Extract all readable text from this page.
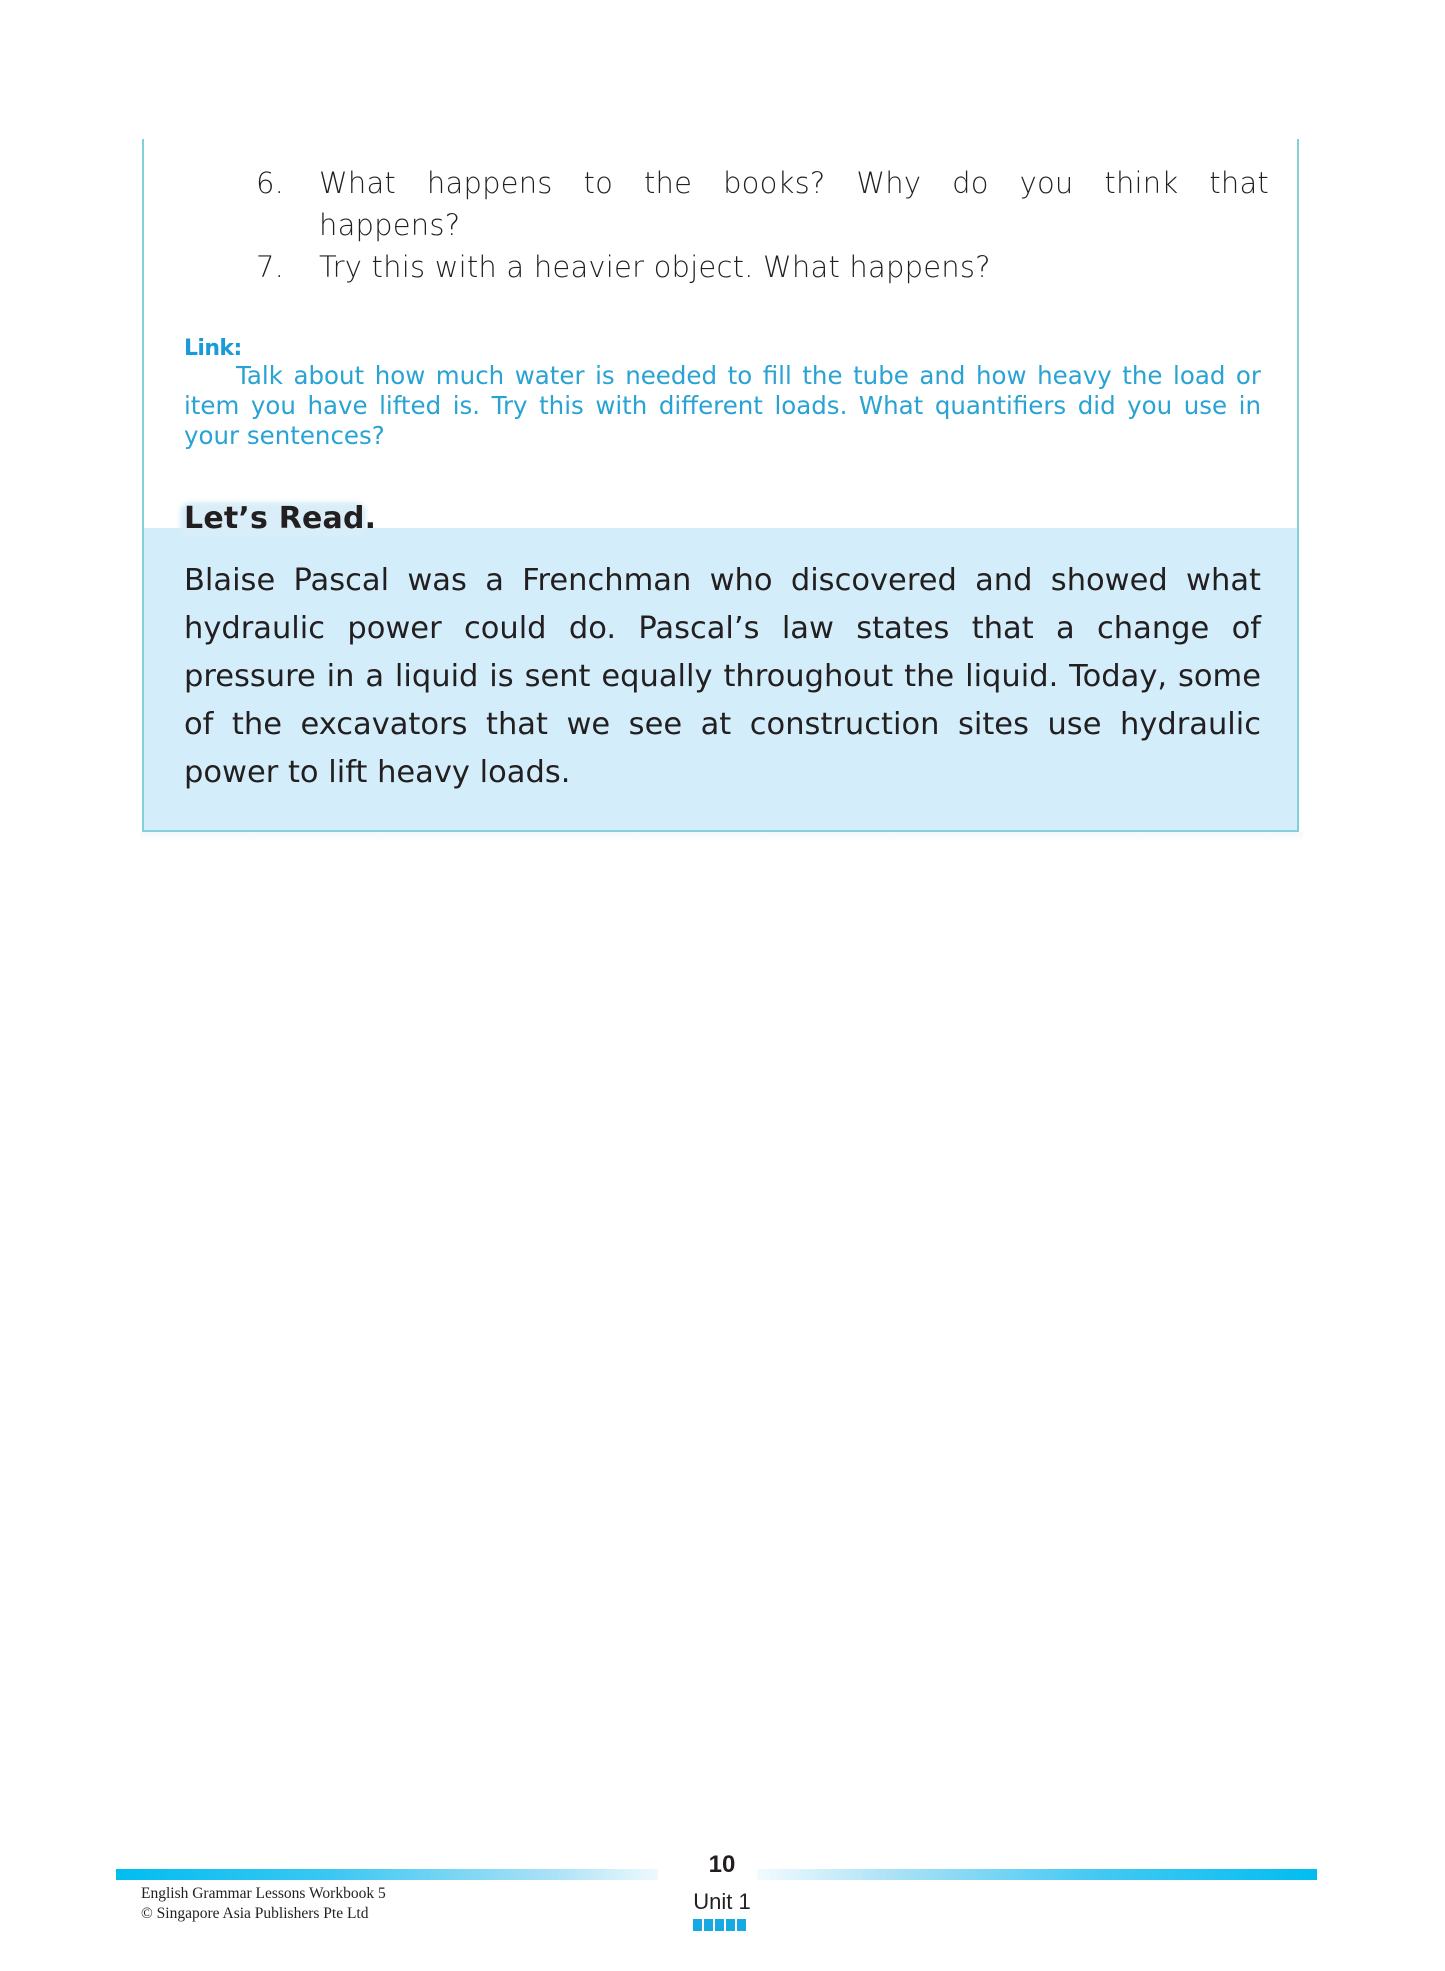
6.	What happens to the books? Why do you think that happens?
7.	Try this with a heavier object. What happens?
Link:
Talk about how much water is needed to fill the tube and how heavy the load or item you have lifted is. Try this with different loads. What quantifiers did you use in your sentences?
Let’s Read.
Blaise Pascal was a Frenchman who discovered and showed what hydraulic power could do. Pascal’s law states that a change of pressure in a liquid is sent equally throughout the liquid. Today, some of the excavators that we see at construction sites use hydraulic power to lift heavy loads.
English Grammar Lessons Workbook 5
© Singapore Asia Publishers Pte Ltd
10
Unit 1
